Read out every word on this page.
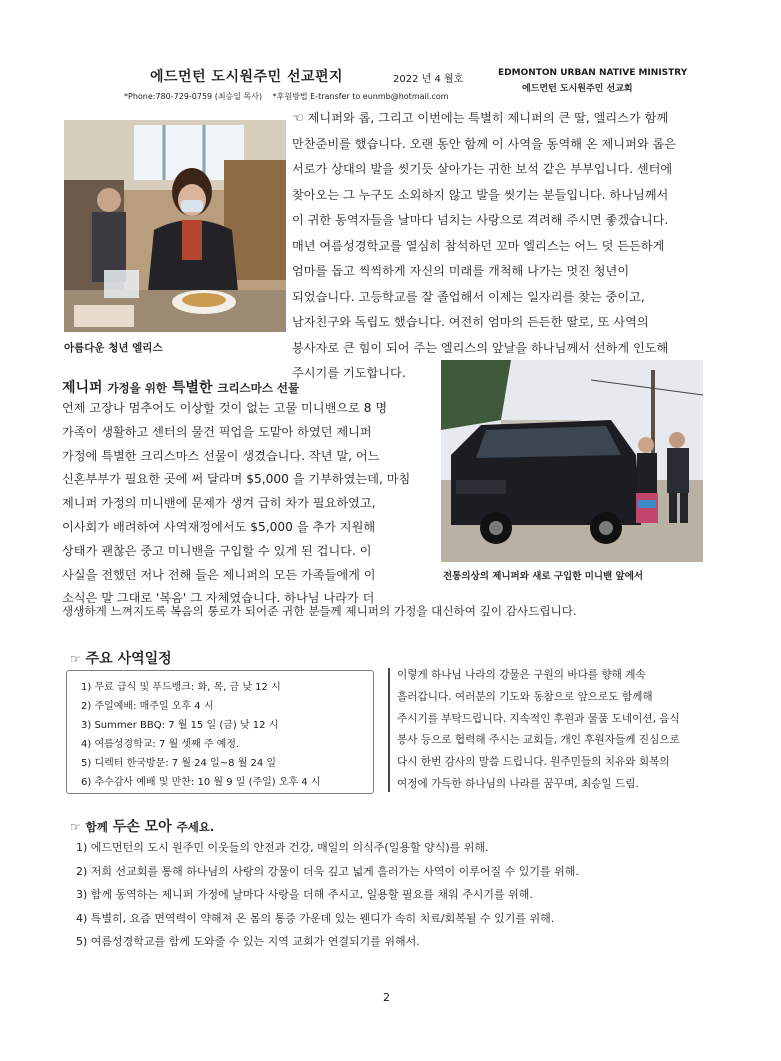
에드먼턴 도시원주민 선교편지	2022 년 4 월호
EDMONTON URBAN NATIVE MINISTRY
에드먼턴 도시원주민 선교회
*Phone:780-729-0759 (최승일 목사) *후원방법 E-transfer to eunmb@hotmail.com
아름다운 청년 엘리스
☜ 제니퍼와 롭, 그리고 이번에는 특별히 제니퍼의 큰 딸, 엘리스가 함께
만찬준비를 했습니다. 오랜 동안 함께 이 사역을 동역해 온 제니퍼와 롭은
서로가 상대의 발을 씻기듯 살아가는 귀한 보석 같은 부부입니다. 센터에
찾아오는 그 누구도 소외하지 않고 발을 씻기는 분들입니다. 하나님께서
이 귀한 동역자들을 날마다 넘치는 사랑으로 격려해 주시면 좋겠습니다.
매년 여름성경학교를 열심히 참석하던 꼬마 엘리스는 어느 덧 든든하게
엄마를 돕고 씩씩하게 자신의 미래를 개척해 나가는 멋진 청년이
되었습니다. 고등학교를 잘 졸업해서 이제는 일자리를 찾는 중이고,
남자친구와 독립도 했습니다. 여전히 엄마의 든든한 딸로, 또 사역의
봉사자로 큰 힘이 되어 주는 엘리스의 앞날을 하나님께서 선하게 인도해
주시기를 기도합니다.
제니퍼 가정을 위한 특별한 크리스마스 선물
언제 고장나 멈추어도 이상할 것이 없는 고물 미니밴으로 8 명
가족이 생활하고 센터의 물건 픽업을 도맡아 하였던 제니퍼
가정에 특별한 크리스마스 선물이 생겼습니다. 작년 말, 어느
신혼부부가 필요한 곳에 써 달라며 $5,000 을 기부하였는데, 마침
제니퍼 가정의 미니밴에 문제가 생겨 급히 차가 필요하였고,
이사회가 배려하여 사역재정에서도 $5,000 을 추가 지원해
상태가 괜찮은 중고 미니밴을 구입할 수 있게 된 겁니다. 이
사실을 전했던 저나 전해 들은 제니퍼의 모든 가족들에게 이
소식은 말 그대로 '복음' 그 자체였습니다. 하나님 나라가 더
생생하게 느껴지도록 복음의 통로가 되어준 귀한 분들께 제니퍼의 가정을 대신하여 깊이 감사드립니다.
전통의상의 제니퍼와 새로 구입한 미니밴 앞에서
☞ 주요 사역일정
1) 무료 급식 및 푸드뱅크: 화, 목, 금 낮 12 시
2) 주일예배: 매주일 오후 4 시
3) Summer BBQ: 7 월 15 일 (금) 낮 12 시
4) 여름성경학교: 7 월 셋째 주 예정.
5) 디렉터 한국방문: 7 월 24 일~8 월 24 일
6) 추수감사 예배 및 만찬: 10 월 9 일 (주일) 오후 4 시
이렇게 하나님 나라의 강물은 구원의 바다를 향해 계속
흘러갑니다. 여러분의 기도와 동참으로 앞으로도 함께해
주시기를 부탁드립니다. 지속적인 후원과 물품 도네이션, 음식
봉사 등으로 협력해 주시는 교회들, 개인 후원자들께 진심으로
다시 한번 감사의 말씀 드립니다. 원주민들의 치유와 회복의
여정에 가득한 하나님의 나라를 꿈꾸며, 최승일 드림.
☞ 함께 두손 모아 주세요.
1) 에드먼턴의 도시 원주민 이웃들의 안전과 건강, 매일의 의식주(일용할 양식)를 위해.
2) 저희 선교회를 통해 하나님의 사랑의 강물이 더욱 깊고 넓게 흘러가는 사역이 이루어질 수 있기를 위해.
3) 함께 동역하는 제니퍼 가정에 날마다 사랑을 더해 주시고, 일용할 필요를 채워 주시기를 위해.
4) 특별히, 요즘 면역력이 약해져 온 몸의 통증 가운데 있는 웬디가 속히 치료/회복될 수 있기를 위해.
5) 여름성경학교를 함께 도와줄 수 있는 지역 교회가 연결되기를 위해서.
2
